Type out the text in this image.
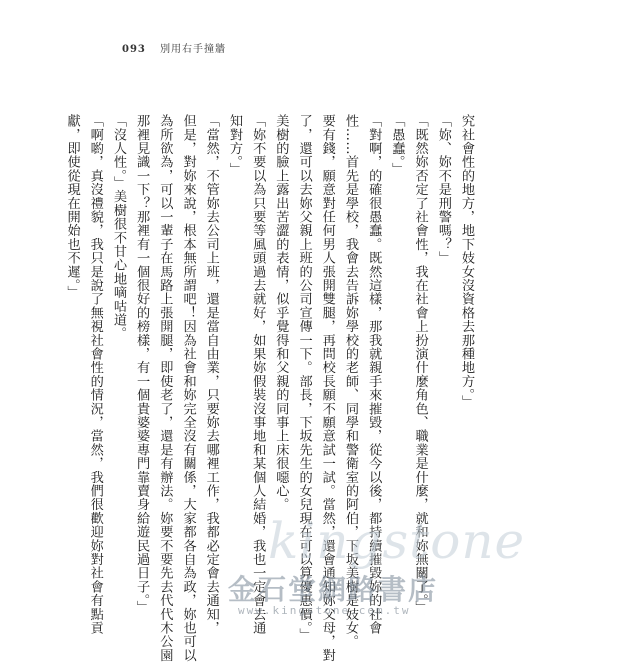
093 別用右手撞牆

究社會性的地方，地下妓女沒資格去那種地方。」

「妳、妳不是刑警嗎？」

「既然妳否定了社會性，我在社會上扮演什麼角色、職業是什麼，就和妳無關了。」

「愚蠢。」

「對啊，的確很愚蠢。既然這樣，那我就親手來摧毀，從今以後，都持續摧毀妳的社會

性……首先是學校，我會去告訴妳學校的老師、同學和警衛室的阿伯，下坂美樹是妓女。

要有錢，願意對任何男人張開雙腿，再問校長願不願意試一試。當然，還會通知妳父母，對

了，還可以去妳父親上班的公司宣傳一下。部長，下坂先生的女兒現在可以算優惠價。」

美樹的臉上露出苦澀的表情，似乎覺得和父親的同事上床很噁心。

「妳不要以為只要等風頭過去就好，如果妳假裝沒事地和某個人結婚，我也一定會去通

知對方。」

「當然，不管妳去公司上班，還是當自由業，只要妳去哪裡工作，我都必定會去通知，

但是，對妳來說，根本無所謂吧！因為社會和妳完全沒有關係，大家都各自為政，妳也可以

為所欲為，可以一輩子在馬路上張開腿，即使老了，還是有辦法。妳要不要先去代代木公園

那裡見識一下？那裡有一個很好的榜樣，有一個貴婆婆專門靠賣身給遊民過日子。」

「沒人性。」美樹很不甘心地嘀咕道。

「啊喲，真沒禮貌，我只是說了無視社會性的情況，當然，我們很歡迎妳對社會有點貢

獻，即使從現在開始也不遲。」

kingstone
金石堂網路書店
www.kingstone.com.tw
